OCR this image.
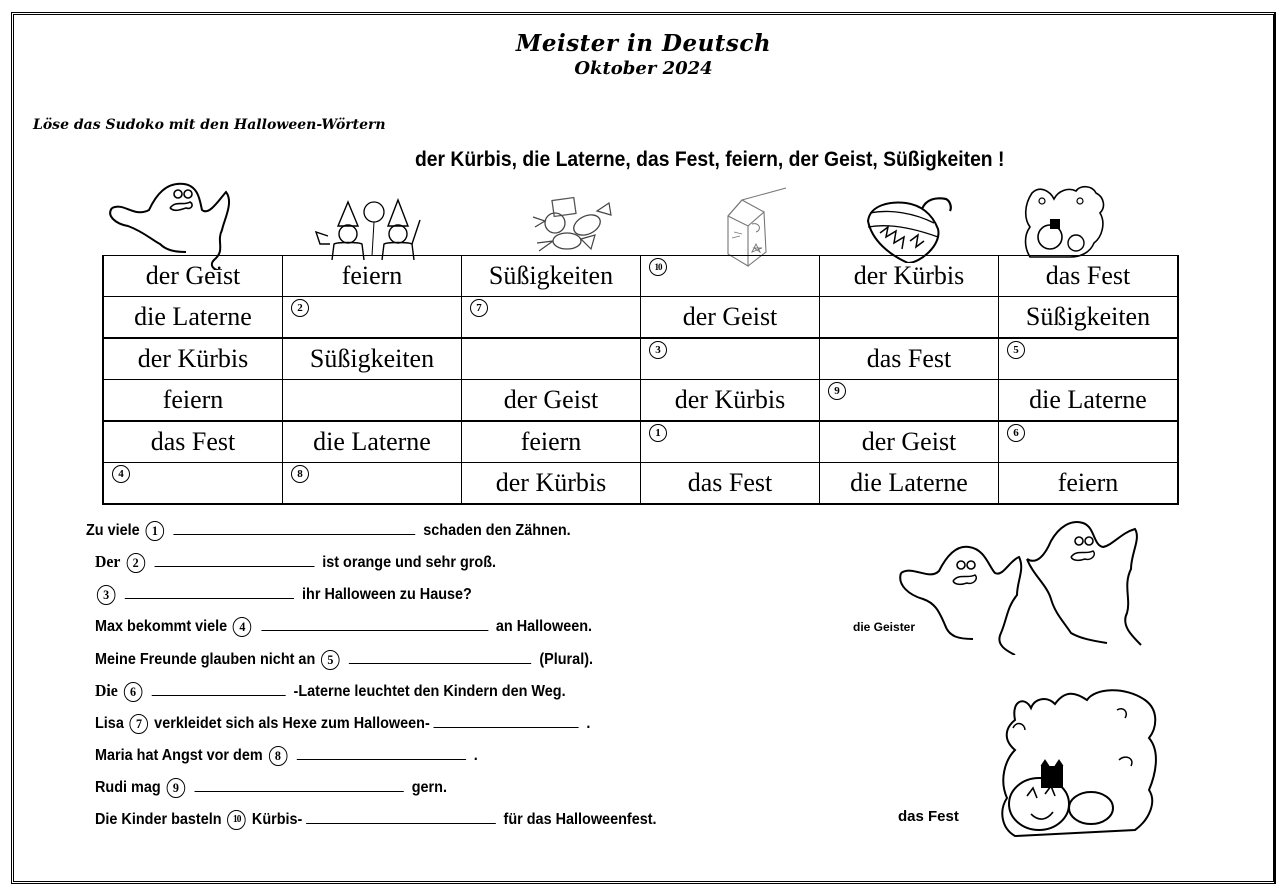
Meister in Deutsch
Oktober 2024
Löse das Sudoko mit den Halloween-Wörtern
der Kürbis, die Laterne, das Fest, feiern, der Geist, Süßigkeiten !
der Geist	feiern	Süßigkeiten	10	der Kürbis	das Fest
die Laterne	2	7	der Geist		Süßigkeiten
der Kürbis	Süßigkeiten		3	das Fest	5

feiern		der Geist	der Kürbis	9	die Laterne
das Fest	die Laterne	feiern	1	der Geist	6

4	8	der Kürbis	das Fest	die Laterne	feiern
Zu viele 1	schaden den Zähnen.
Der 2	ist orange und sehr groß.
3	ihr Halloween zu Hause?
Max bekommt viele 4	an Halloween.
Meine Freunde glauben nicht an 5	(Plural).
Die 6	-Laterne leuchtet den Kindern den Weg.
Lisa 7 verkleidet sich als Hexe zum Halloween-	.
Maria hat Angst vor dem 8	.
Rudi mag 9	gern.
Die Kinder basteln 10 Kürbis-	für das Halloweenfest.
die Geister
das Fest
